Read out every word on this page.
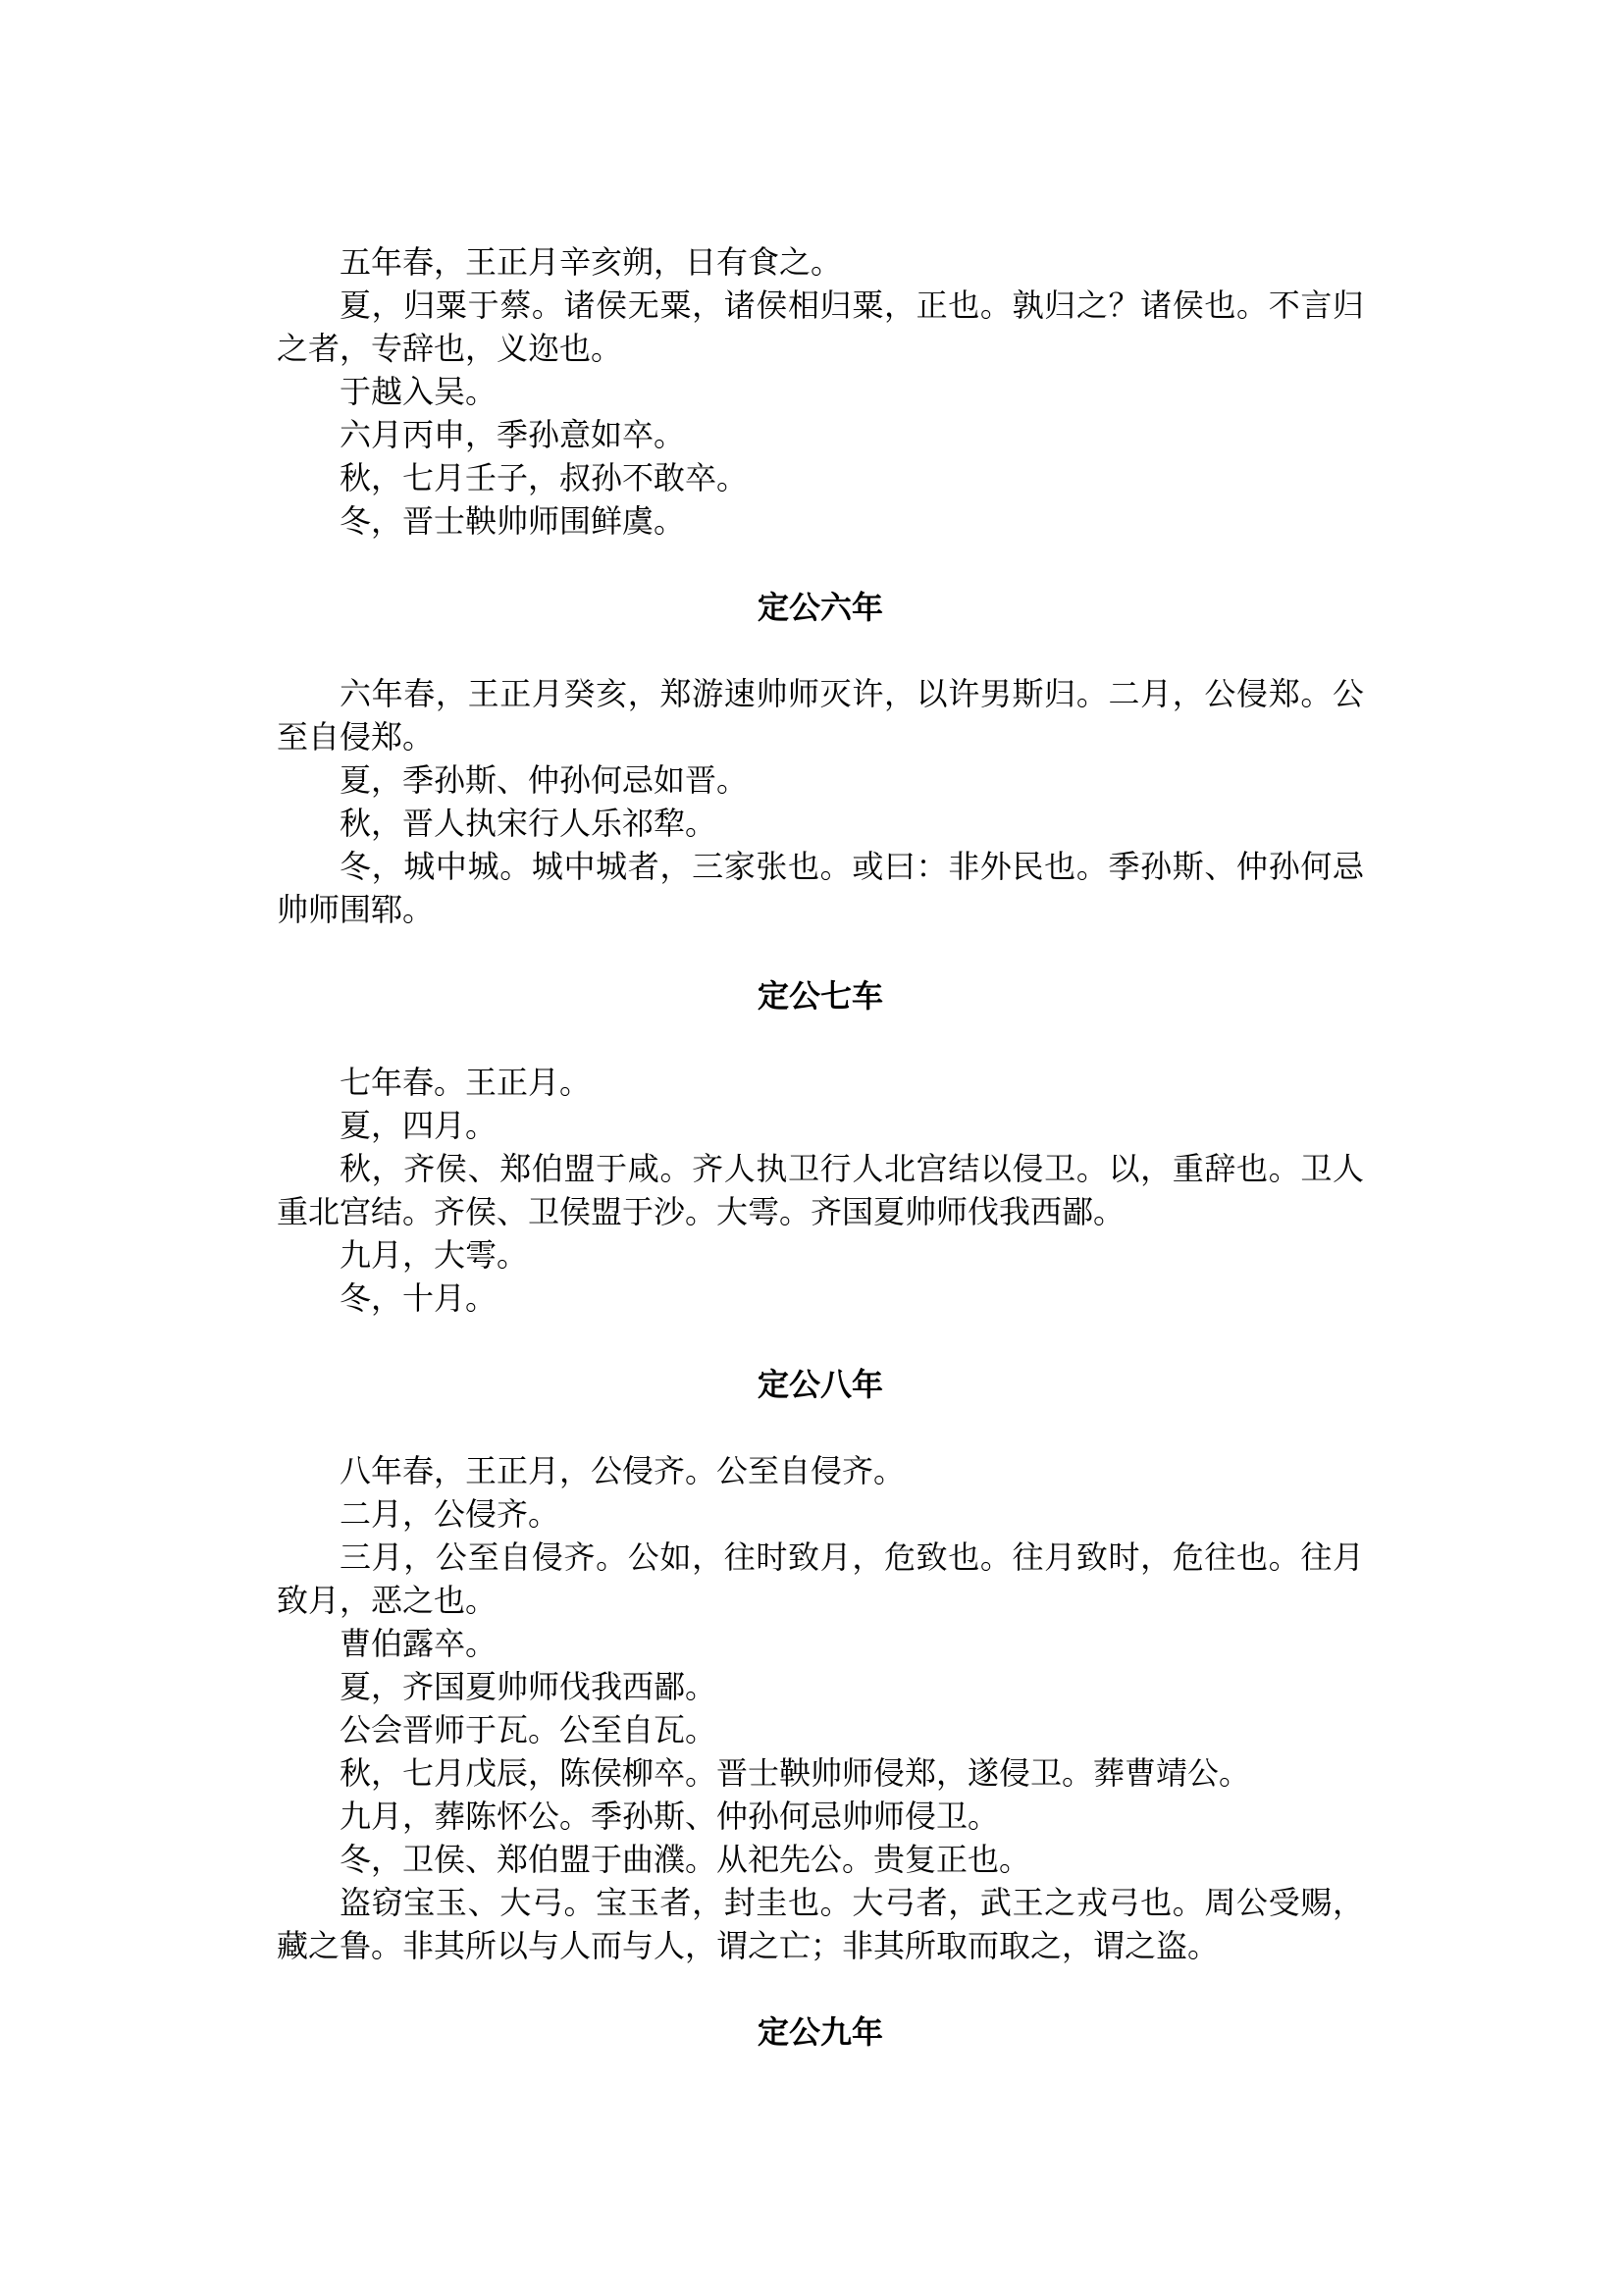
五年春，王正月辛亥朔，日有食之。

夏，归粟于蔡。诸侯无粟，诸侯相归粟，正也。孰归之？诸侯也。不言归之者，专辞也，义迩也。

于越入吴。

六月丙申，季孙意如卒。

秋，七月壬子，叔孙不敢卒。

冬，晋士鞅帅师围鲜虞。

定公六年

六年春，王正月癸亥，郑游速帅师灭许，以许男斯归。二月，公侵郑。公至自侵郑。

夏，季孙斯、仲孙何忌如晋。

秋，晋人执宋行人乐祁犂。

冬，城中城。城中城者，三家张也。或曰：非外民也。季孙斯、仲孙何忌帅师围郓。

定公七车

七年春。王正月。

夏，四月。

秋，齐侯、郑伯盟于咸。齐人执卫行人北宫结以侵卫。以，重辞也。卫人重北宫结。齐侯、卫侯盟于沙。大雩。齐国夏帅师伐我西鄙。

九月，大雩。

冬，十月。

定公八年

八年春，王正月，公侵齐。公至自侵齐。

二月，公侵齐。

三月，公至自侵齐。公如，往时致月，危致也。往月致时，危往也。往月致月，恶之也。

曹伯露卒。

夏，齐国夏帅师伐我西鄙。

公会晋师于瓦。公至自瓦。

秋，七月戊辰，陈侯柳卒。晋士鞅帅师侵郑，遂侵卫。葬曹靖公。

九月，葬陈怀公。季孙斯、仲孙何忌帅师侵卫。

冬，卫侯、郑伯盟于曲濮。从祀先公。贵复正也。

盗窃宝玉、大弓。宝玉者，封圭也。大弓者，武王之戎弓也。周公受赐，藏之鲁。非其所以与人而与人，谓之亡；非其所取而取之，谓之盗。

定公九年
